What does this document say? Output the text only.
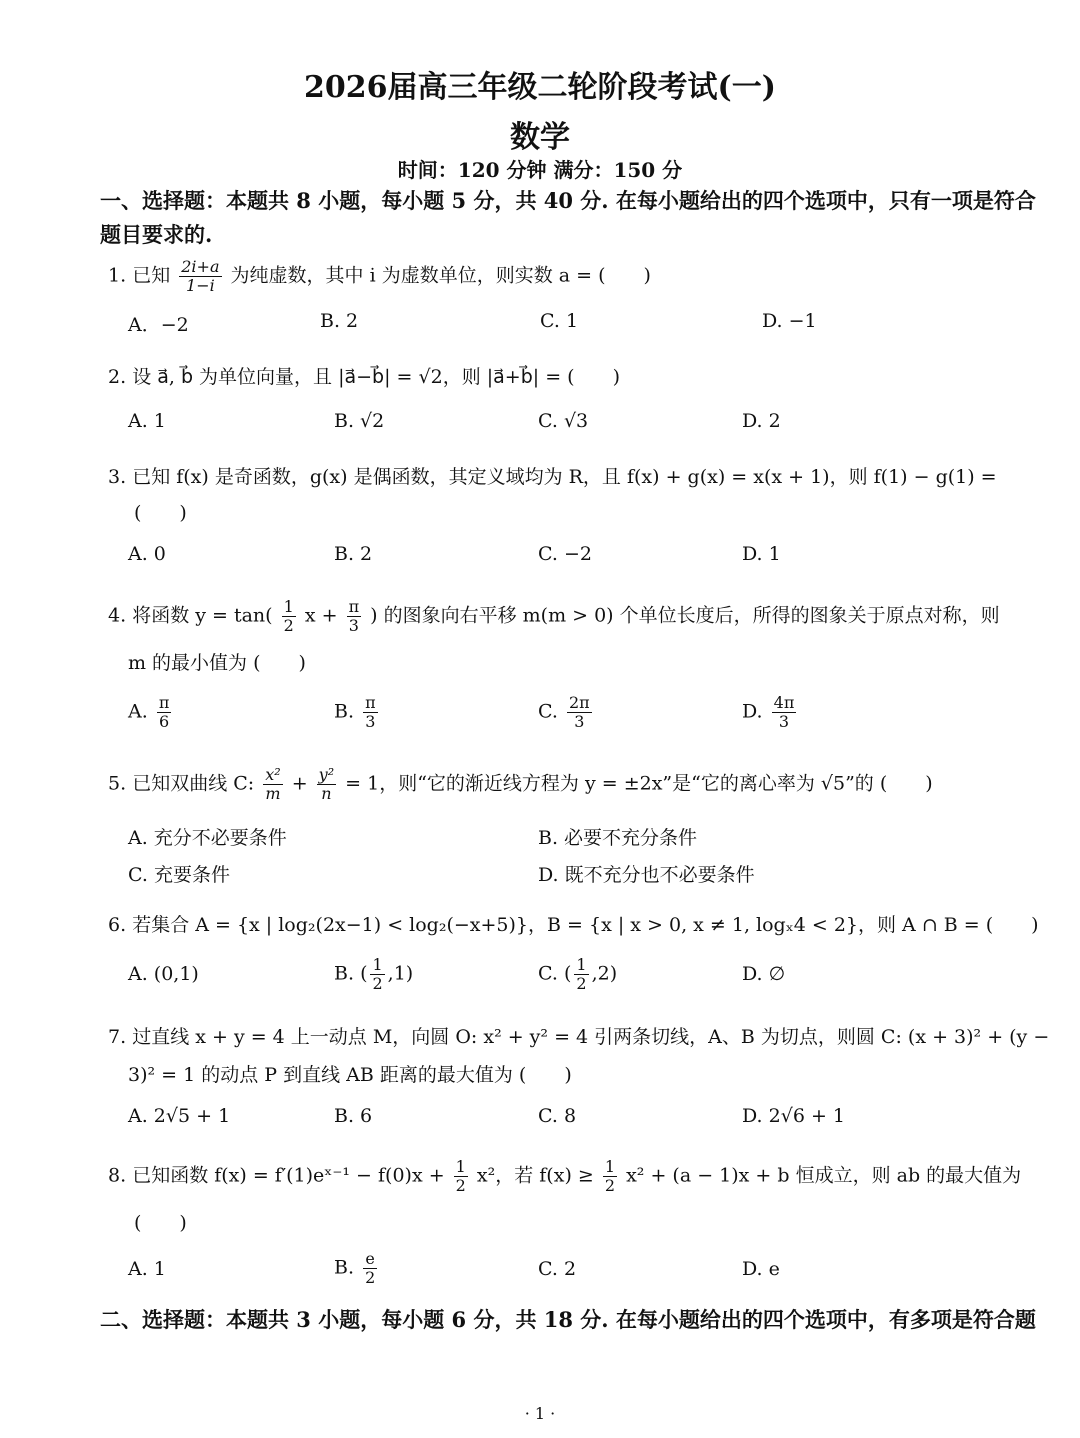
2026届高三年级二轮阶段考试(一)
数学
时间：120 分钟 满分：150 分
一、选择题：本题共 8 小题，每小题 5 分，共 40 分. 在每小题给出的四个选项中，只有一项是符合
题目要求的.
1. 已知 $\frac{2i+a}{1-i}$ 为纯虚数，其中 i 为虚数单位，则实数 a = (　　)
A．−2	B. 2	C. 1	D. −1
2. 设 a⃗, b⃗ 为单位向量，且 |a⃗−b⃗| = √2，则 |a⃗+b⃗| = (　　)
A. 1	B. √2	C. √3	D. 2
3. 已知 f(x) 是奇函数，g(x) 是偶函数，其定义域均为 R，且 f(x) + g(x) = x(x + 1)，则 f(1) − g(1) =
(　　)
A. 0	B. 2	C. −2	D. 1
4. 将函数 $y = \tan( \frac{1}{2}$ $x + \frac{\pi}{3}$ ) 的图象向右平移 m(m > 0) 个单位长度后，所得的图象关于原点对称，则
m 的最小值为 (　　)
A. $\frac{\pi}{6}$	B. $\frac{\pi}{3}$	C. $\frac{2\pi}{3}$	D. $\frac{4\pi}{3}$
5. 已知双曲线 C: $\frac{\text{x²}}{m} + \frac{\text{y²}}{n} = 1$，则“它的渐近线方程为 y = ±2x”是“它的离心率为 √5”的 (　　)
A. 充分不必要条件	B. 必要不充分条件
C. 充要条件	D. 既不充分也不必要条件
6. 若集合 A = {x | log₂(2x−1) < log₂(−x+5)}，B = {x | x > 0, x ≠ 1, logₓ4 < 2}，则 A ∩ B = (　　)
A. (0,1)	B. ( $\frac{1}{2} ,1$)	C. ( $\frac{1}{2} ,2$)	D. ∅
7. 过直线 x + y = 4 上一动点 M，向圆 O: x² + y² = 4 引两条切线，A、B 为切点，则圆 C: (x + 3)² + (y −
3)² = 1 的动点 P 到直线 AB 距离的最大值为 (　　)
A. 2√5 + 1	B. 6	C. 8	D. 2√6 + 1
8. 已知函数 f(x) = f′(1)eˣ⁻¹ − $f(0)x + \frac{1}{2} x^2$，若 $f(x) \ge \frac{1}{2} x^2 + (a - 1)x + b$ 恒成立，则 ab 的最大值为
(　　)
A. 1	B. $\frac{e}{2}$	C. 2	D. e
二、选择题：本题共 3 小题，每小题 6 分，共 18 分. 在每小题给出的四个选项中，有多项是符合题
· 1 ·
